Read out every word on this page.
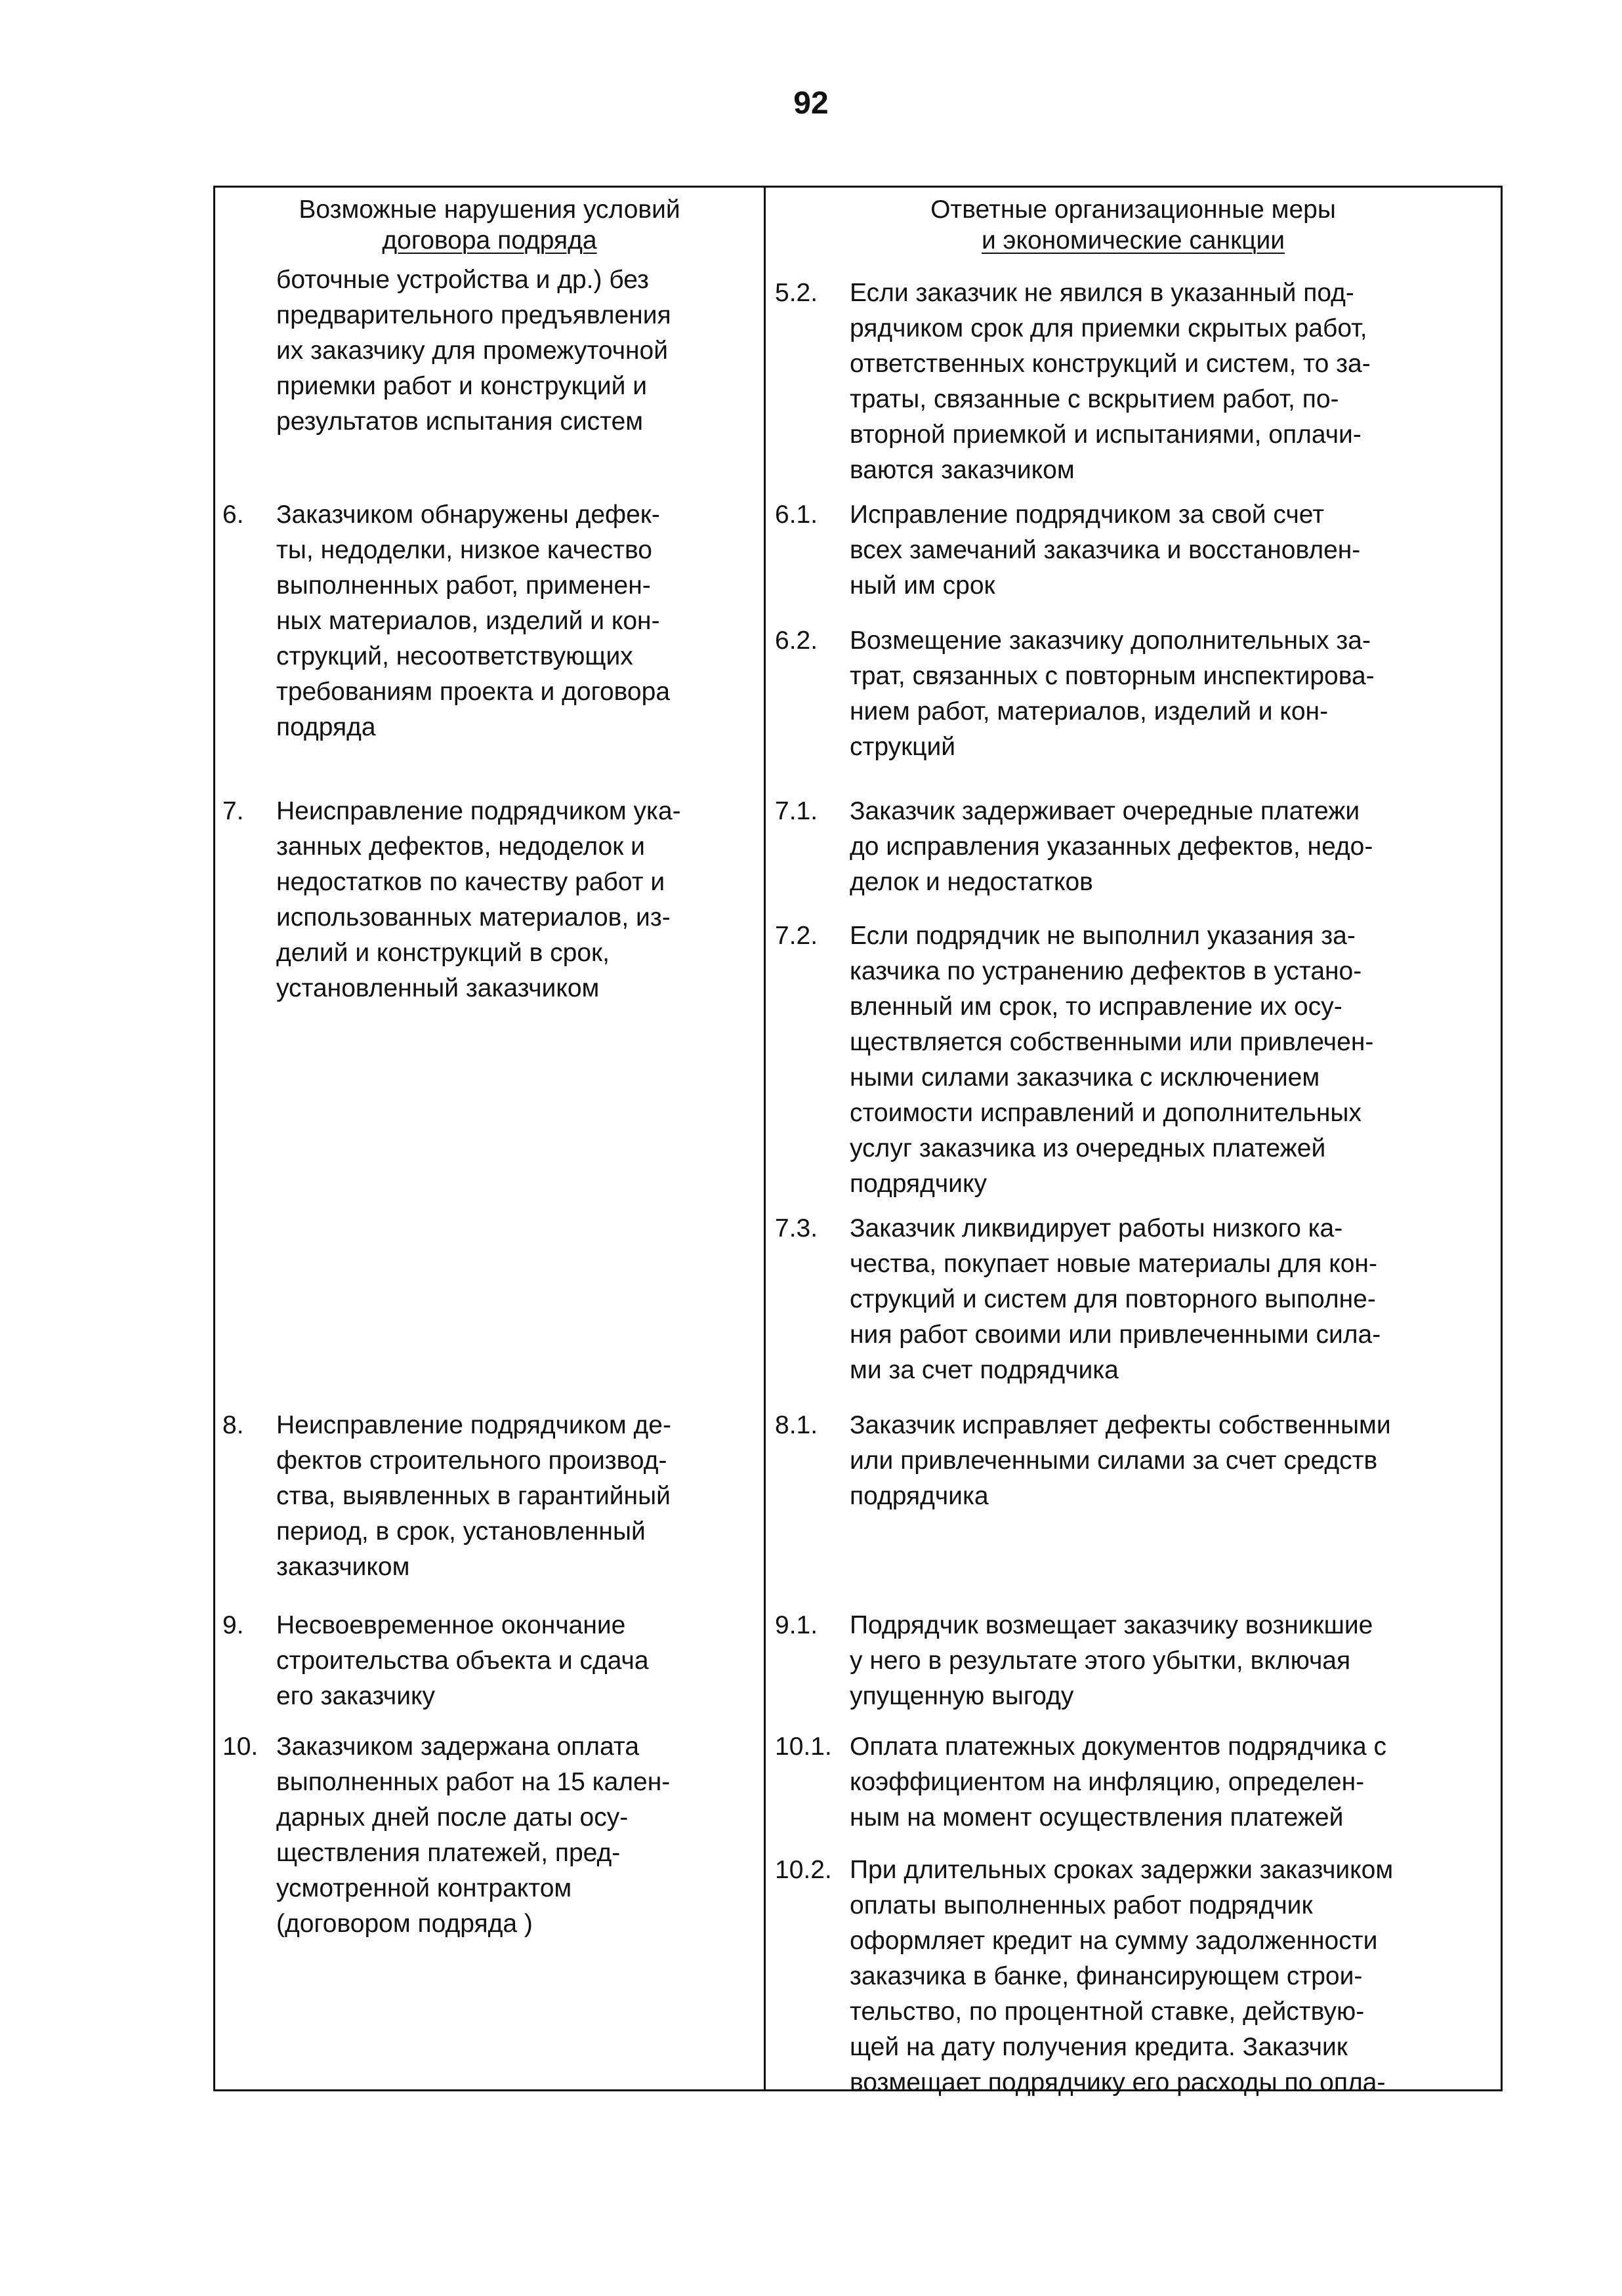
92
Возможные нарушения условий
договора подряда
Ответные организационные меры
и экономические санкции
боточные устройства и др.) без
предварительного предъявления
их заказчику для промежуточной
приемки работ и конструкций и
результатов испытания систем
6. Заказчиком обнаружены дефек-
ты, недоделки, низкое качество
выполненных работ, применен-
ных материалов, изделий и кон-
струкций, несоответствующих
требованиям проекта и договора
подряда
7. Неисправление подрядчиком ука-
занных дефектов, недоделок и
недостатков по качеству работ и
использованных материалов, из-
делий и конструкций в срок,
установленный заказчиком
8. Неисправление подрядчиком де-
фектов строительного производ-
ства, выявленных в гарантийный
период, в срок, установленный
заказчиком
9. Несвоевременное окончание
строительства объекта и сдача
его заказчику
10. Заказчиком задержана оплата
выполненных работ на 15 кален-
дарных дней после даты осу-
ществления платежей, пред-
усмотренной контрактом
(договором подряда )
5.2. Если заказчик не явился в указанный под-
рядчиком срок для приемки скрытых работ,
ответственных конструкций и систем, то за-
траты, связанные с вскрытием работ, по-
вторной приемкой и испытаниями, оплачи-
ваются заказчиком
6.1. Исправление подрядчиком за свой счет
всех замечаний заказчика и восстановлен-
ный им срок
6.2. Возмещение заказчику дополнительных за-
трат, связанных с повторным инспектирова-
нием работ, материалов, изделий и кон-
струкций
7.1. Заказчик задерживает очередные платежи
до исправления указанных дефектов, недо-
делок и недостатков
7.2. Если подрядчик не выполнил указания за-
казчика по устранению дефектов в устано-
вленный им срок, то исправление их осу-
ществляется собственными или привлечен-
ными силами заказчика с исключением
стоимости исправлений и дополнительных
услуг заказчика из очередных платежей
подрядчику
7.3. Заказчик ликвидирует работы низкого ка-
чества, покупает новые материалы для кон-
струкций и систем для повторного выполне-
ния работ своими или привлеченными сила-
ми за счет подрядчика
8.1. Заказчик исправляет дефекты собственными
или привлеченными силами за счет средств
подрядчика
9.1. Подрядчик возмещает заказчику возникшие
у него в результате этого убытки, включая
упущенную выгоду
10.1. Оплата платежных документов подрядчика с
коэффициентом на инфляцию, определен-
ным на момент осуществления платежей
10.2. При длительных сроках задержки заказчиком
оплаты выполненных работ подрядчик
оформляет кредит на сумму задолженности
заказчика в банке, финансирующем строи-
тельство, по процентной ставке, действую-
щей на дату получения кредита. Заказчик
возмещает подрядчику его расходы по опла-
